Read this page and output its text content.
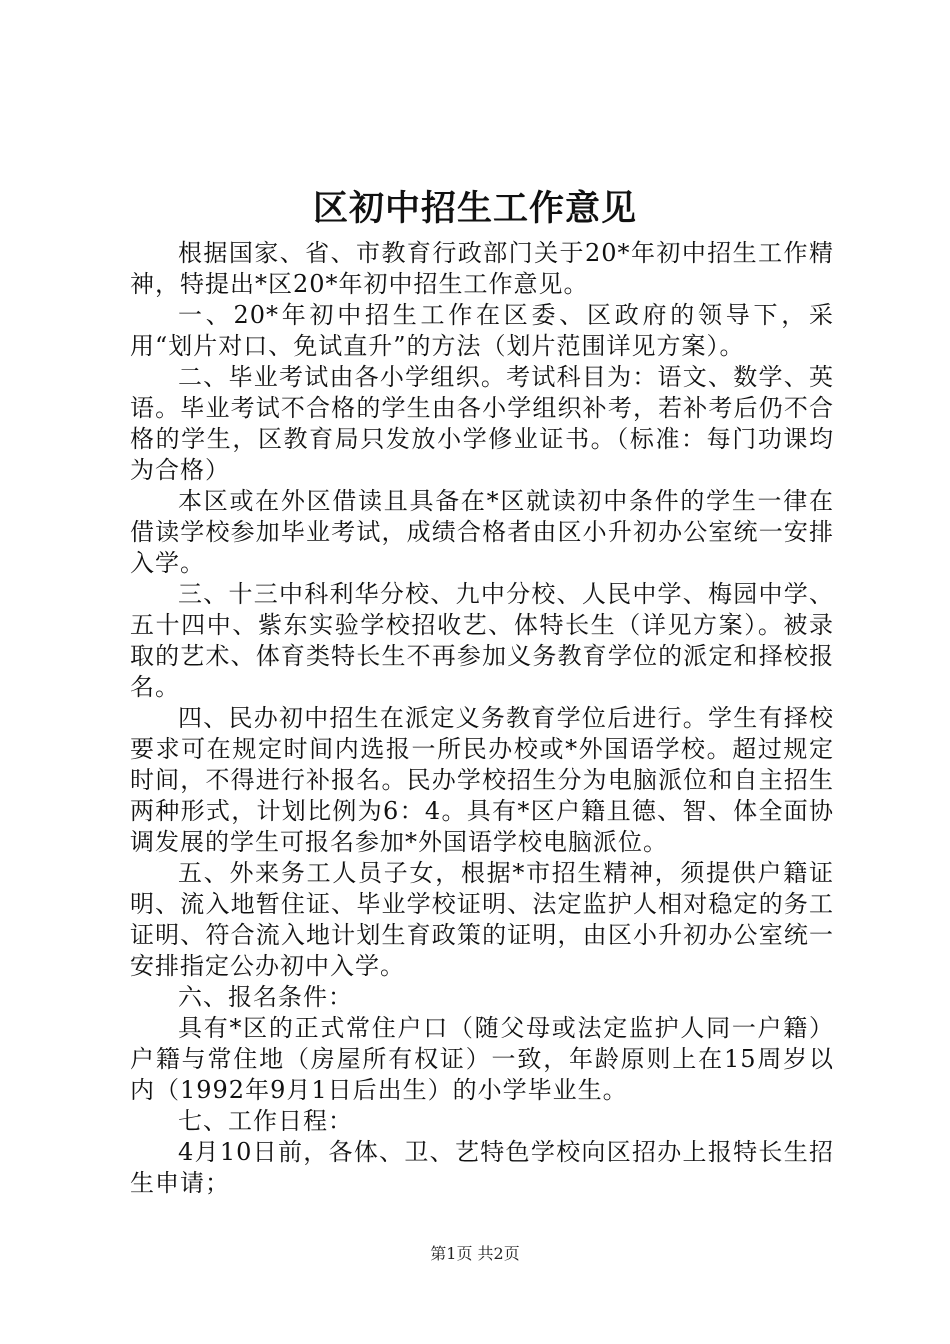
区初中招生工作意见

根据国家、省、市教育行政部门关于20*年初中招生工作精神，特提出*区20*年初中招生工作意见。

一、20*年初中招生工作在区委、区政府的领导下，采用“划片对口、免试直升”的方法（划片范围详见方案）。

二、毕业考试由各小学组织。考试科目为：语文、数学、英语。毕业考试不合格的学生由各小学组织补考，若补考后仍不合格的学生，区教育局只发放小学修业证书。（标准：每门功课均为合格）

本区或在外区借读且具备在*区就读初中条件的学生一律在借读学校参加毕业考试，成绩合格者由区小升初办公室统一安排入学。

三、十三中科利华分校、九中分校、人民中学、梅园中学、五十四中、紫东实验学校招收艺、体特长生（详见方案）。被录取的艺术、体育类特长生不再参加义务教育学位的派定和择校报名。

四、民办初中招生在派定义务教育学位后进行。学生有择校要求可在规定时间内选报一所民办校或*外国语学校。超过规定时间，不得进行补报名。民办学校招生分为电脑派位和自主招生两种形式，计划比例为6：4。具有*区户籍且德、智、体全面协调发展的学生可报名参加*外国语学校电脑派位。

五、外来务工人员子女，根据*市招生精神，须提供户籍证明、流入地暂住证、毕业学校证明、法定监护人相对稳定的务工证明、符合流入地计划生育政策的证明，由区小升初办公室统一安排指定公办初中入学。

六、报名条件：

具有*区的正式常住户口（随父母或法定监护人同一户籍）户籍与常住地（房屋所有权证）一致，年龄原则上在15周岁以内（1992年9月1日后出生）的小学毕业生。

七、工作日程：

4月10日前，各体、卫、艺特色学校向区招办上报特长生招生申请；

第1页 共2页
